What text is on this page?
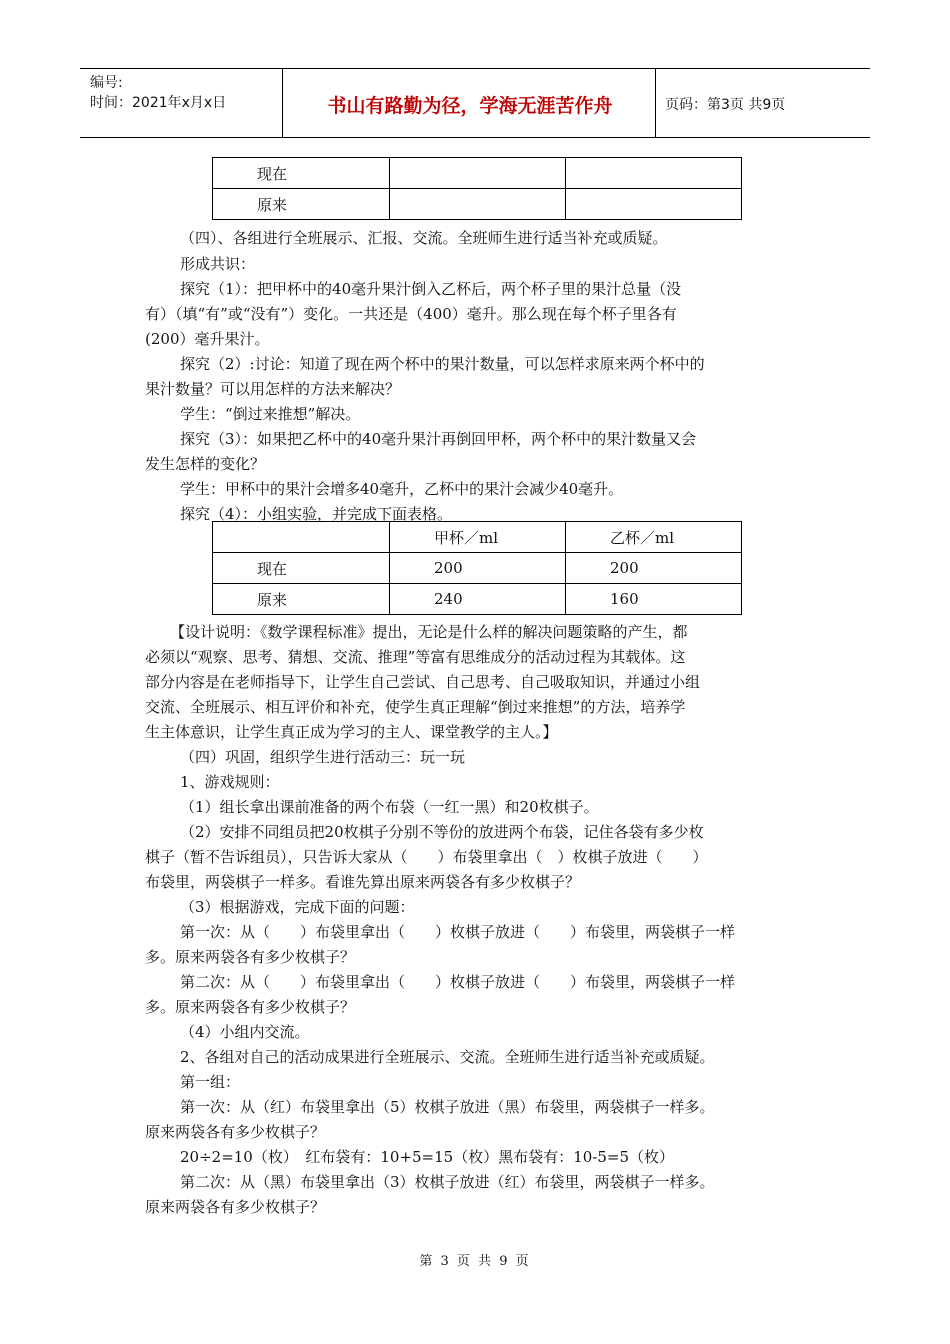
编号:
时间：2021年x月x日	书山有路勤为径，学海无涯苦作舟	页码：第3页 共9页
现在		
原来		
（四）、各组进行全班展示、汇报、交流。全班师生进行适当补充或质疑。
形成共识：
探究（1）：把甲杯中的40毫升果汁倒入乙杯后，两个杯子里的果汁总量（没
有）（填“有”或“没有”）变化。一共还是（400）毫升。那么现在每个杯子里各有
(200）毫升果汁。
探究（2）:讨论：知道了现在两个杯中的果汁数量，可以怎样求原来两个杯中的
果汁数量？可以用怎样的方法来解决？
学生：“倒过来推想”解决。
探究（3）：如果把乙杯中的40毫升果汁再倒回甲杯，两个杯中的果汁数量又会
发生怎样的变化？
学生：甲杯中的果汁会增多40毫升，乙杯中的果汁会减少40毫升。
探究（4）：小组实验，并完成下面表格。
	甲杯／ml	乙杯／ml
现在	200	200
原来	240	160
【设计说明：《数学课程标准》提出，无论是什么样的解决问题策略的产生，都
必须以“观察、思考、猜想、交流、推理”等富有思维成分的活动过程为其载体。这
部分内容是在老师指导下，让学生自己尝试、自己思考、自己吸取知识，并通过小组
交流、全班展示、相互评价和补充，使学生真正理解“倒过来推想”的方法，培养学
生主体意识，让学生真正成为学习的主人、课堂教学的主人。】
（四）巩固，组织学生进行活动三：玩一玩
1、游戏规则：
（1）组长拿出课前准备的两个布袋（一红一黑）和20枚棋子。
（2）安排不同组员把20枚棋子分别不等份的放进两个布袋，记住各袋有多少枚
棋子（暂不告诉组员），只告诉大家从（　　）布袋里拿出（　）枚棋子放进（　　）
布袋里，两袋棋子一样多。看谁先算出原来两袋各有多少枚棋子？
（3）根据游戏，完成下面的问题：
第一次：从（　　）布袋里拿出（　　）枚棋子放进（　　）布袋里，两袋棋子一样
多。原来两袋各有多少枚棋子？
第二次：从（　　）布袋里拿出（　　）枚棋子放进（　　）布袋里，两袋棋子一样
多。原来两袋各有多少枚棋子？
（4）小组内交流。
2、各组对自己的活动成果进行全班展示、交流。全班师生进行适当补充或质疑。
第一组：
第一次：从（红）布袋里拿出（5）枚棋子放进（黑）布袋里，两袋棋子一样多。
原来两袋各有多少枚棋子？
20÷2=10（枚）　红布袋有：10+5=15（枚）黑布袋有：10-5=5（枚）
第二次：从（黑）布袋里拿出（3）枚棋子放进（红）布袋里，两袋棋子一样多。
原来两袋各有多少枚棋子？
第 3 页 共 9 页
